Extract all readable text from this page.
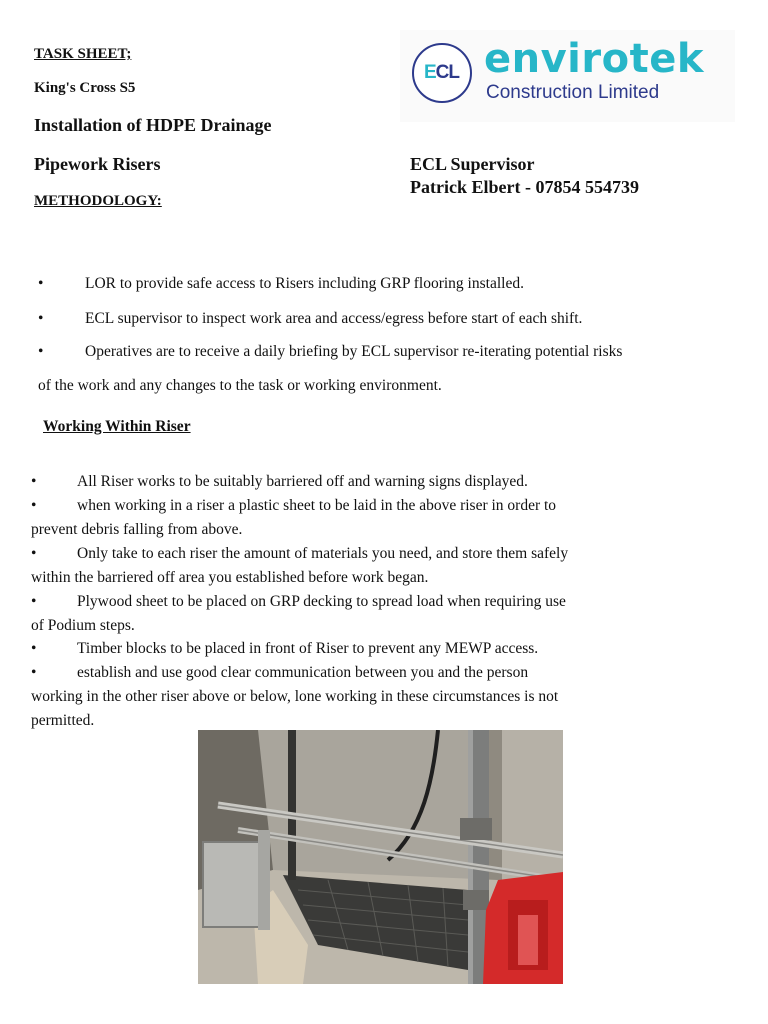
TASK SHEET;
King's Cross S5
Installation of HDPE Drainage
Pipework Risers
METHODOLOGY:
ECL envirotek
Construction Limited
ECL Supervisor
Patrick Elbert - 07854 554739
•	LOR to provide safe access to Risers including GRP flooring installed.
•	ECL supervisor to inspect work area and access/egress before start of each shift.
•	Operatives are to receive a daily briefing by ECL supervisor re-iterating potential risks
of the work and any changes to the task or working environment.
Working Within Riser
•	All Riser works to be suitably barriered off and warning signs displayed.
•	when working in a riser a plastic sheet to be laid in the above riser in order to
prevent debris falling from above.
•	Only take to each riser the amount of materials you need, and store them safely
within the barriered off area you established before work began.
•	Plywood sheet to be placed on GRP decking to spread load when requiring use
of Podium steps.
•	Timber blocks to be placed in front of Riser to prevent any MEWP access.
•	establish and use good clear communication between you and the person
working in the other riser above or below, lone working in these circumstances is not
permitted.
